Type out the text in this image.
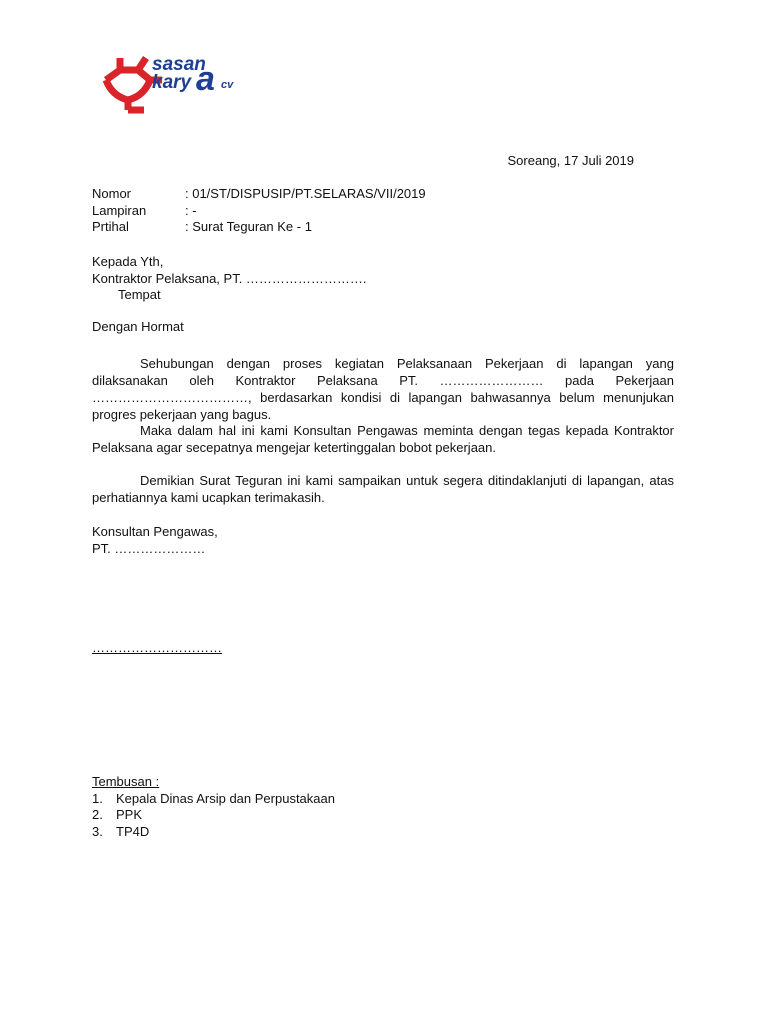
sasan
kary a cv
Soreang, 17 Juli 2019
Nomor	: 01/ST/DISPUSIP/PT.SELARAS/VII/2019
Lampiran	: -
Prtihal	: Surat Teguran Ke - 1
Kepada Yth,
Kontraktor Pelaksana, PT. ……………………….
Tempat
Dengan Hormat

Sehubungan dengan proses kegiatan Pelaksanaan Pekerjaan di lapangan yang dilaksanakan oleh Kontraktor Pelaksana PT. …………………… pada Pekerjaan ………………………………, berdasarkan kondisi di lapangan bahwasannya belum menunjukan progres pekerjaan yang bagus.

Maka dalam hal ini kami Konsultan Pengawas meminta dengan tegas kepada Kontraktor Pelaksana agar secepatnya mengejar ketertinggalan bobot pekerjaan.

Demikian Surat Teguran ini kami sampaikan untuk segera ditindaklanjuti di lapangan, atas perhatiannya kami ucapkan terimakasih.

Konsultan Pengawas,
PT. …………………
…………………………
Tembusan :
1.	Kepala Dinas Arsip dan Perpustakaan
2.	PPK
3.	TP4D
